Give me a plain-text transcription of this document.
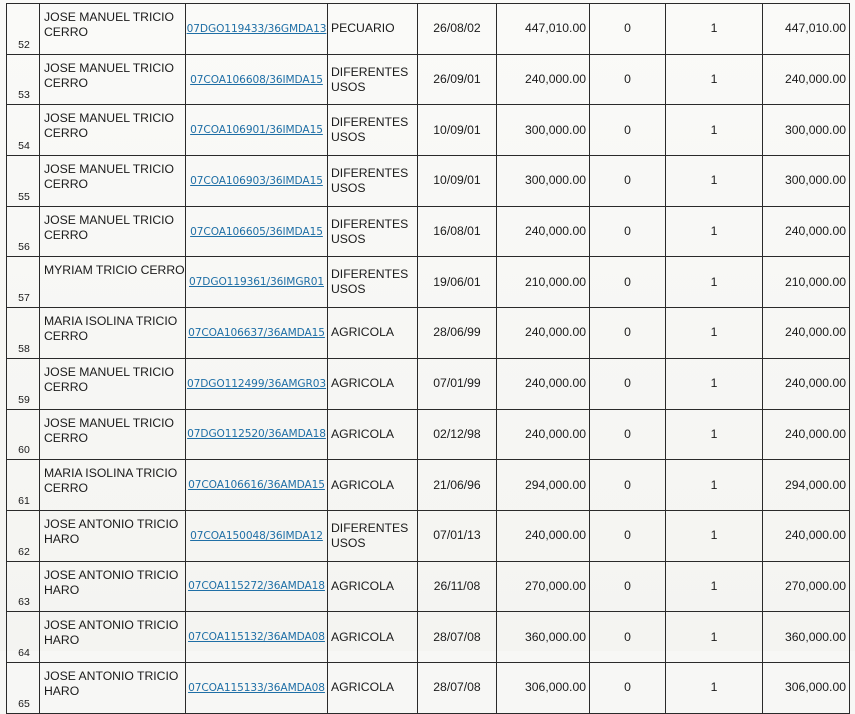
52	JOSE MANUEL TRICIO CERRO	07DGO119433/36GMDA13	PECUARIO	26/08/02	447,010.00	0	1	447,010.00
53	JOSE MANUEL TRICIO CERRO	07COA106608/36IMDA15	DIFERENTES USOS	26/09/01	240,000.00	0	1	240,000.00
54	JOSE MANUEL TRICIO CERRO	07COA106901/36IMDA15	DIFERENTES USOS	10/09/01	300,000.00	0	1	300,000.00
55	JOSE MANUEL TRICIO CERRO	07COA106903/36IMDA15	DIFERENTES USOS	10/09/01	300,000.00	0	1	300,000.00
56	JOSE MANUEL TRICIO CERRO	07COA106605/36IMDA15	DIFERENTES USOS	16/08/01	240,000.00	0	1	240,000.00
57	MYRIAM TRICIO CERRO	07DGO119361/36IMGR01	DIFERENTES USOS	19/06/01	210,000.00	0	1	210,000.00
58	MARIA ISOLINA TRICIO CERRO	07COA106637/36AMDA15	AGRICOLA	28/06/99	240,000.00	0	1	240,000.00
59	JOSE MANUEL TRICIO CERRO	07DGO112499/36AMGR03	AGRICOLA	07/01/99	240,000.00	0	1	240,000.00
60	JOSE MANUEL TRICIO CERRO	07DGO112520/36AMDA18	AGRICOLA	02/12/98	240,000.00	0	1	240,000.00
61	MARIA ISOLINA TRICIO CERRO	07COA106616/36AMDA15	AGRICOLA	21/06/96	294,000.00	0	1	294,000.00
62	JOSE ANTONIO TRICIO HARO	07COA150048/36IMDA12	DIFERENTES USOS	07/01/13	240,000.00	0	1	240,000.00
63	JOSE ANTONIO TRICIO HARO	07COA115272/36AMDA18	AGRICOLA	26/11/08	270,000.00	0	1	270,000.00
64	JOSE ANTONIO TRICIO HARO	07COA115132/36AMDA08	AGRICOLA	28/07/08	360,000.00	0	1	360,000.00
65	JOSE ANTONIO TRICIO HARO	07COA115133/36AMDA08	AGRICOLA	28/07/08	306,000.00	0	1	306,000.00
